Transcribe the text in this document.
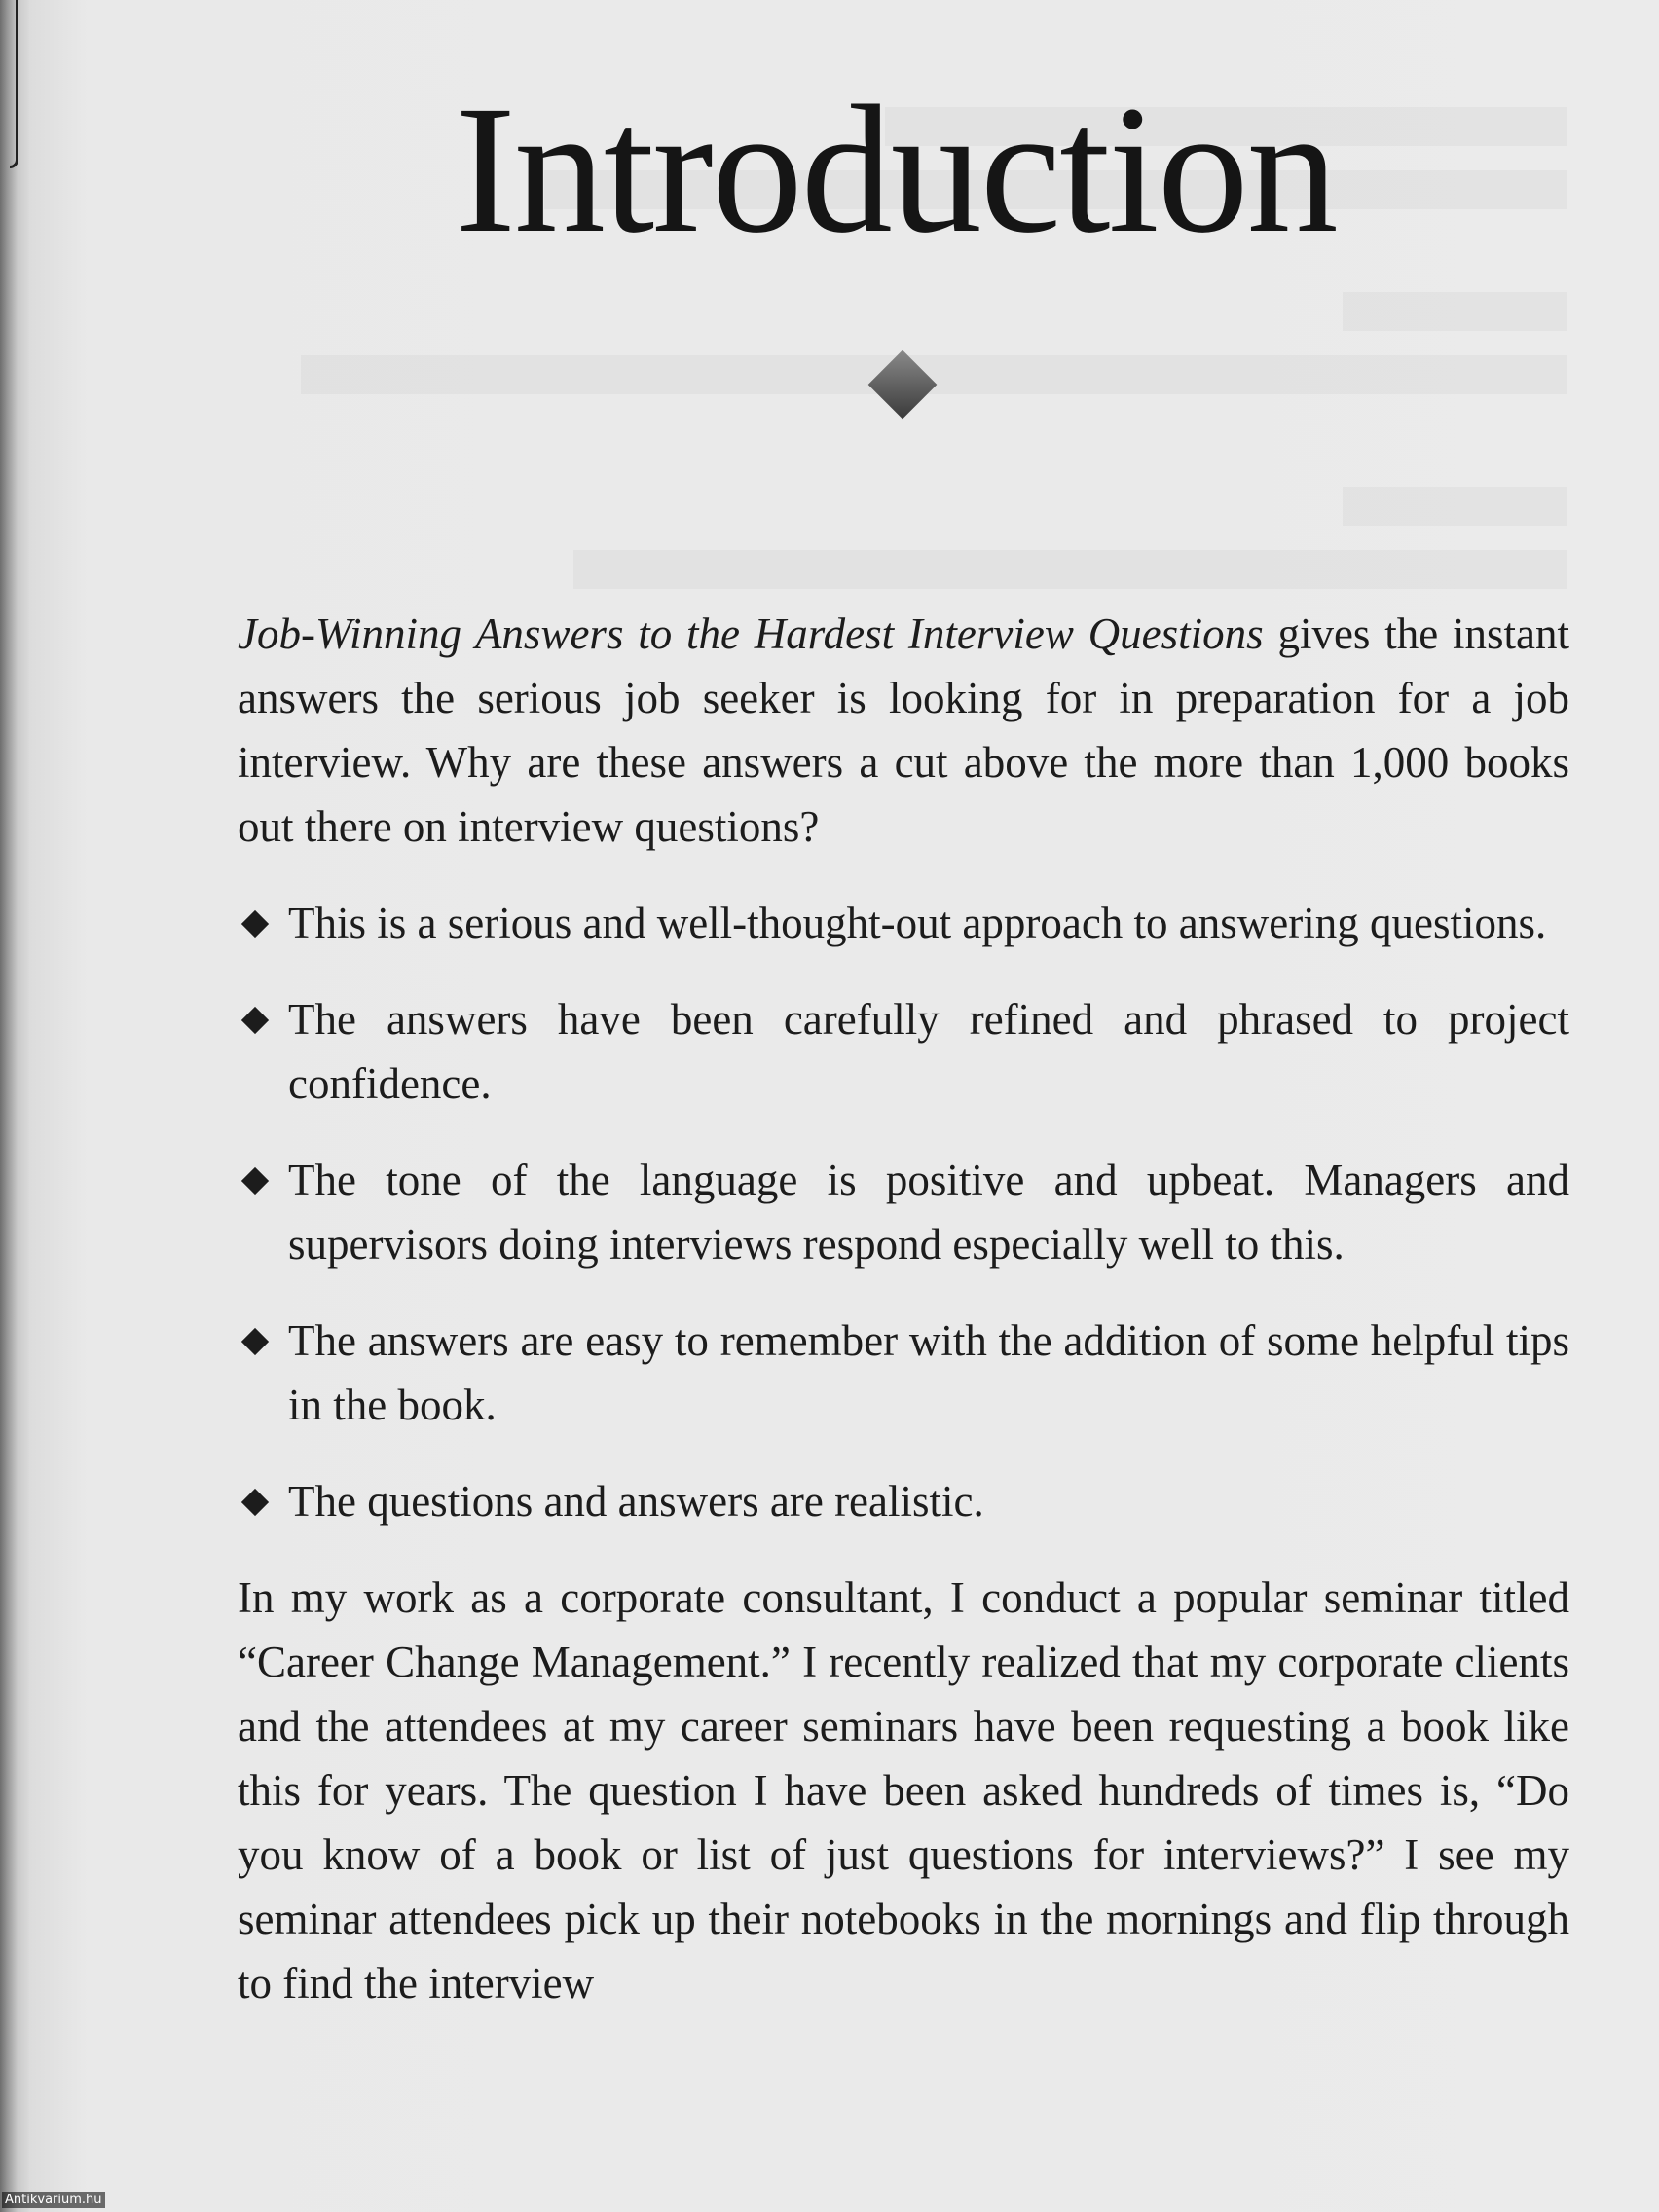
Introduction

Job-Winning Answers to the Hardest Interview Questions gives the instant answers the serious job seeker is looking for in preparation for a job interview. Why are these answers a cut above the more than 1,000 books out there on interview questions?

This is a serious and well-thought-out approach to answering questions.
The answers have been carefully refined and phrased to project confidence.
The tone of the language is positive and upbeat. Managers and supervisors doing interviews respond especially well to this.
The answers are easy to remember with the addition of some helpful tips in the book.
The questions and answers are realistic.

In my work as a corporate consultant, I conduct a popular seminar titled “Career Change Management.” I recently realized that my corporate clients and the attendees at my career seminars have been requesting a book like this for years. The question I have been asked hundreds of times is, “Do you know of a book or list of just questions for interviews?” I see my seminar attendees pick up their notebooks in the mornings and flip through to find the interview

Antikvarium.hu
